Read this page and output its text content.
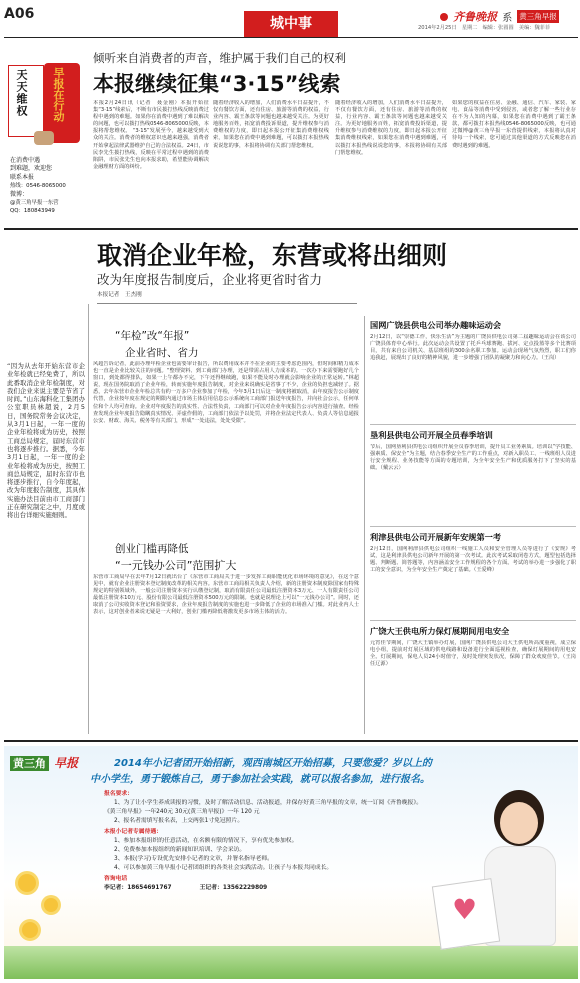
A06
城中事	齐鲁晚报 系 黄三角早报
2014年2月25日　星期二　编辑：张圆圆　美编：魏菲菲
天天维权	早报在行动
在消费中遇
到难题，欢迎您
联系本报
热线：0546-8065000
微博：
@黄三角早报一东营
QQ：180843949
倾听来自消费者的声音，维护属于我们自己的权利
本报继续征集“3·15”线索
本报2月24日讯（记者　聂金刚）本报开始征集“3·15”线索后，不断有市民拨打热线反映消费过程中遇到的难题。如果你在消费中遇到了难以解决的问题，也可以拨打热线0546-8065000反映，本报将帮您维权。 “3·15”发展至今，越来越受到大众的关注。消费者的维权意识也越来越强，消费者开始拿起法律武器维护自己的合法权益。24日，市民李先生拨打热线，反映在平常过程中遇到的消费陷阱，市民张先生也向本报求助，希望能协调解决金融理财方面的纠纷。
随着经济收入的增加，人们消费水平日益提升，不仅有餐饮方面，还有住房、旅游等消费的权益，行业内容、霸王条款等问题也越来越受关注。为更好地服务百姓，拓宽消费投诉渠道，提升维权参与消费维权的力度，即日起本报公开征集消费维权线索，如果您在消费中遇到难题，可以拨打本报热线说说您的事，本报将协调有关部门帮您维权。
随着经济收入的增加，人们消费水平日益提升，不仅有餐饮方面，还有住房、旅游等消费的权益，行业内容、霸王条款等问题也越来越受关注。为更好地服务百姓，拓宽消费投诉渠道，提升维权参与消费维权的力度，即日起本报公开征集消费维权线索，如果您在消费中遇到难题，可以拨打本报热线说说您的事，本报将协调有关部门帮您维权。
如果您的权益在住房、金融、通信、汽车、家装、家电、食品等消费中受到侵害，或者您了解一些行业存在不为人知的内幕，如果您在消费中遇到了霸王条款，都可拨打本报热线0546-8065000反映，也可通过微博@黄三角早报一东营提供线索，本报将认真对待每一个线索，您可通过其他渠道的方式反映您在消费时遇到的难题。
取消企业年检，东营或将出细则
改为年度报告制度后，企业将更省时省力
本报记者　王杰刚
“因为从去年开始东营市企业年检就已经免费了，所以此番取消企业年检制度，对我们企业来说主要是节省了时间。”山东海科化工集团办公室职员林超说，2月5日，国务院常务会议决定，从3月1日起，一年一度的企业年检将成为历史，按照工商总局规定，届时东营市也将逐步推行。据悉，今年3月1日起，一年一度的企业年检将成为历史，按照工商总局规定，届时东营市也将逐步推行，自今年度起，改为年度报告制度，其具体实施办法目前由市工商部门正在研究制定之中，月度或将出台详细实施细则。
“年检”改“年报”
企业省时、省力
风超告诉记者，此前办理年检企业也需要审计报告，所以费用成本并不在企业的主要考虑范围内，但时间和精力成本也一直是企业比较关注的问题。“整理资料、到工商部门办理，还是带需占用人力成本的。一次办下来需要跑好几个窗口，到处都得排队，如果一上午都办不完，下午还得继续跑，如果不能及时办理就会影响企业的正常运转。”林超说，现在国务院取消了企业年检，转而实施年度报告制度，对企业来说确实是省事了不少，企业的负担也减轻了。据悉，去年东营市企业年检总共有约一万多户企业参加了年检，今年3月1日后这一制度将被取消，由年度报告公示制度代替，企业按年度在规定的期限内通过市场主体信用信息公示系统向工商部门报送年度报告，并向社会公示，任何单位和个人均可查询。企业对年度报告的真实性、合法性负责，工商部门可以对企业年度报告公示内容进行抽查。经检查发现企业年度报告隐瞒真实情况、弄虚作假的，工商部门依法予以处罚，并将企业法定代表人、负责人等信息通报公安、财政、海关、税务等有关部门，形成“一处违法，处处受限”。
创业门槛再降低
“一元钱办公司”范围扩大
东营市工商局早在去年7月12日就出台了《东营市工商局关于进一步发挥工商职能优化市场环境的意见》，在这个意见中，就有企业注册资本登记制度改革的相关内容。东营市工商局相关负责人介绍，新的注册资本制度除国家有特殊规定的特别领域外，一般公司注册资本实行认缴登记制，取消有限责任公司最低注册资本3万元、一人有限责任公司最低注册资本10万元、股份有限公司最低注册资本500万元的限制。也就是说理论上可以“一元钱办公司”。同时，还取消了公司实收资本登记和验资要求，企业年度报告制度的实施也进一步降低了企业的市场准入门槛。对此业内人士表示，这对创业者来说无疑是一大利好，创业门槛再降低将激发更多市场主体的活力。
国网广饶县供电公司举办趣味运动会
2月12日，以“崇德工作，快乐生活”为主题的广饶县供电公司第二届趣味运动会在该公司广饶县体育中心举行。此次运动会共设置了托乒乓球赛跑、拔河、定点投篮等多个比赛项目，共有来自公司机关、基层班组的300余名职工参加。运动会现场气氛热烈，职工们你追我赶，展现出了良好的精神风貌，进一步增强了团队的凝聚力和向心力。（王岗）
垦利县供电公司开展全员春季培训
节后，国网垦利县供电公司组织开展全员春季培训，提升员工业务素质。培训以“学技能、强素质、保安全”为主题，结合春季安全生产的工作重点，对新入职员工、一线班组人员进行安全规程、业务技能等方面的专题培训，为全年安全生产和优质服务打下了坚实的基础。（戴云云）
利津县供电公司开展新年安规第一考
2月12日，国网利津县供电公司组织一线施工人员和安全管理人员等进行了《安规》考试，这是利津县供电公司新年开展的第一次考试。此次考试采取闭卷方式，题型包括选择题、判断题、简答题等，内容涵盖安全工作规程的各个方面。考试的举办进一步强化了职工的安全意识，为全年安全生产奠定了基础。（王爱峰）
广饶大王供电所力保灯展期间用电安全
元宵佳节期间，广饶大王镇举办灯展，国网广饶县供电公司大王供电所高度重视，成立保电小组，提前对灯展区域的供电线路和设备进行全面巡视检查，确保灯展期间的用电安全。灯展期间，保电人员24小时值守，及时处理突发状况，保障了群众欢度佳节。（王岗　任辽源）
黄三角 早报	2014年小记者团开始招新，观西南城区开始招募，只要您爱？岁以上的
中小学生，勇于锻炼自己，勇于参加社会实践，就可以报名参加，进行报名。
报名要求：
1、为了让小学生养成读报的习惯，及时了解活动信息、活动报道，并保存好黄三角早报的文章，统一订阅《齐鲁晚报》。
《黄三角早报》一年240元 30元(黄三角早报)》一年 120 元
2、报名者需填写报名表，上交两张1寸免冠照片。
本报小记者专属待遇：
1、参加本报组织的任意活动，在名额有限的情况下，享有优先参加权。
2、免费参加本报组织的新闻知识培训、学会采访。
3、本报(学习)专设优先安排小记者的文章，并署名指导老师。
4、可以参加黄三角早报小记者团组织的各类社会实践活动。让孩子与本报共同成长。
咨询电话
李记者：18654691767	王记者：13562229809
♥
